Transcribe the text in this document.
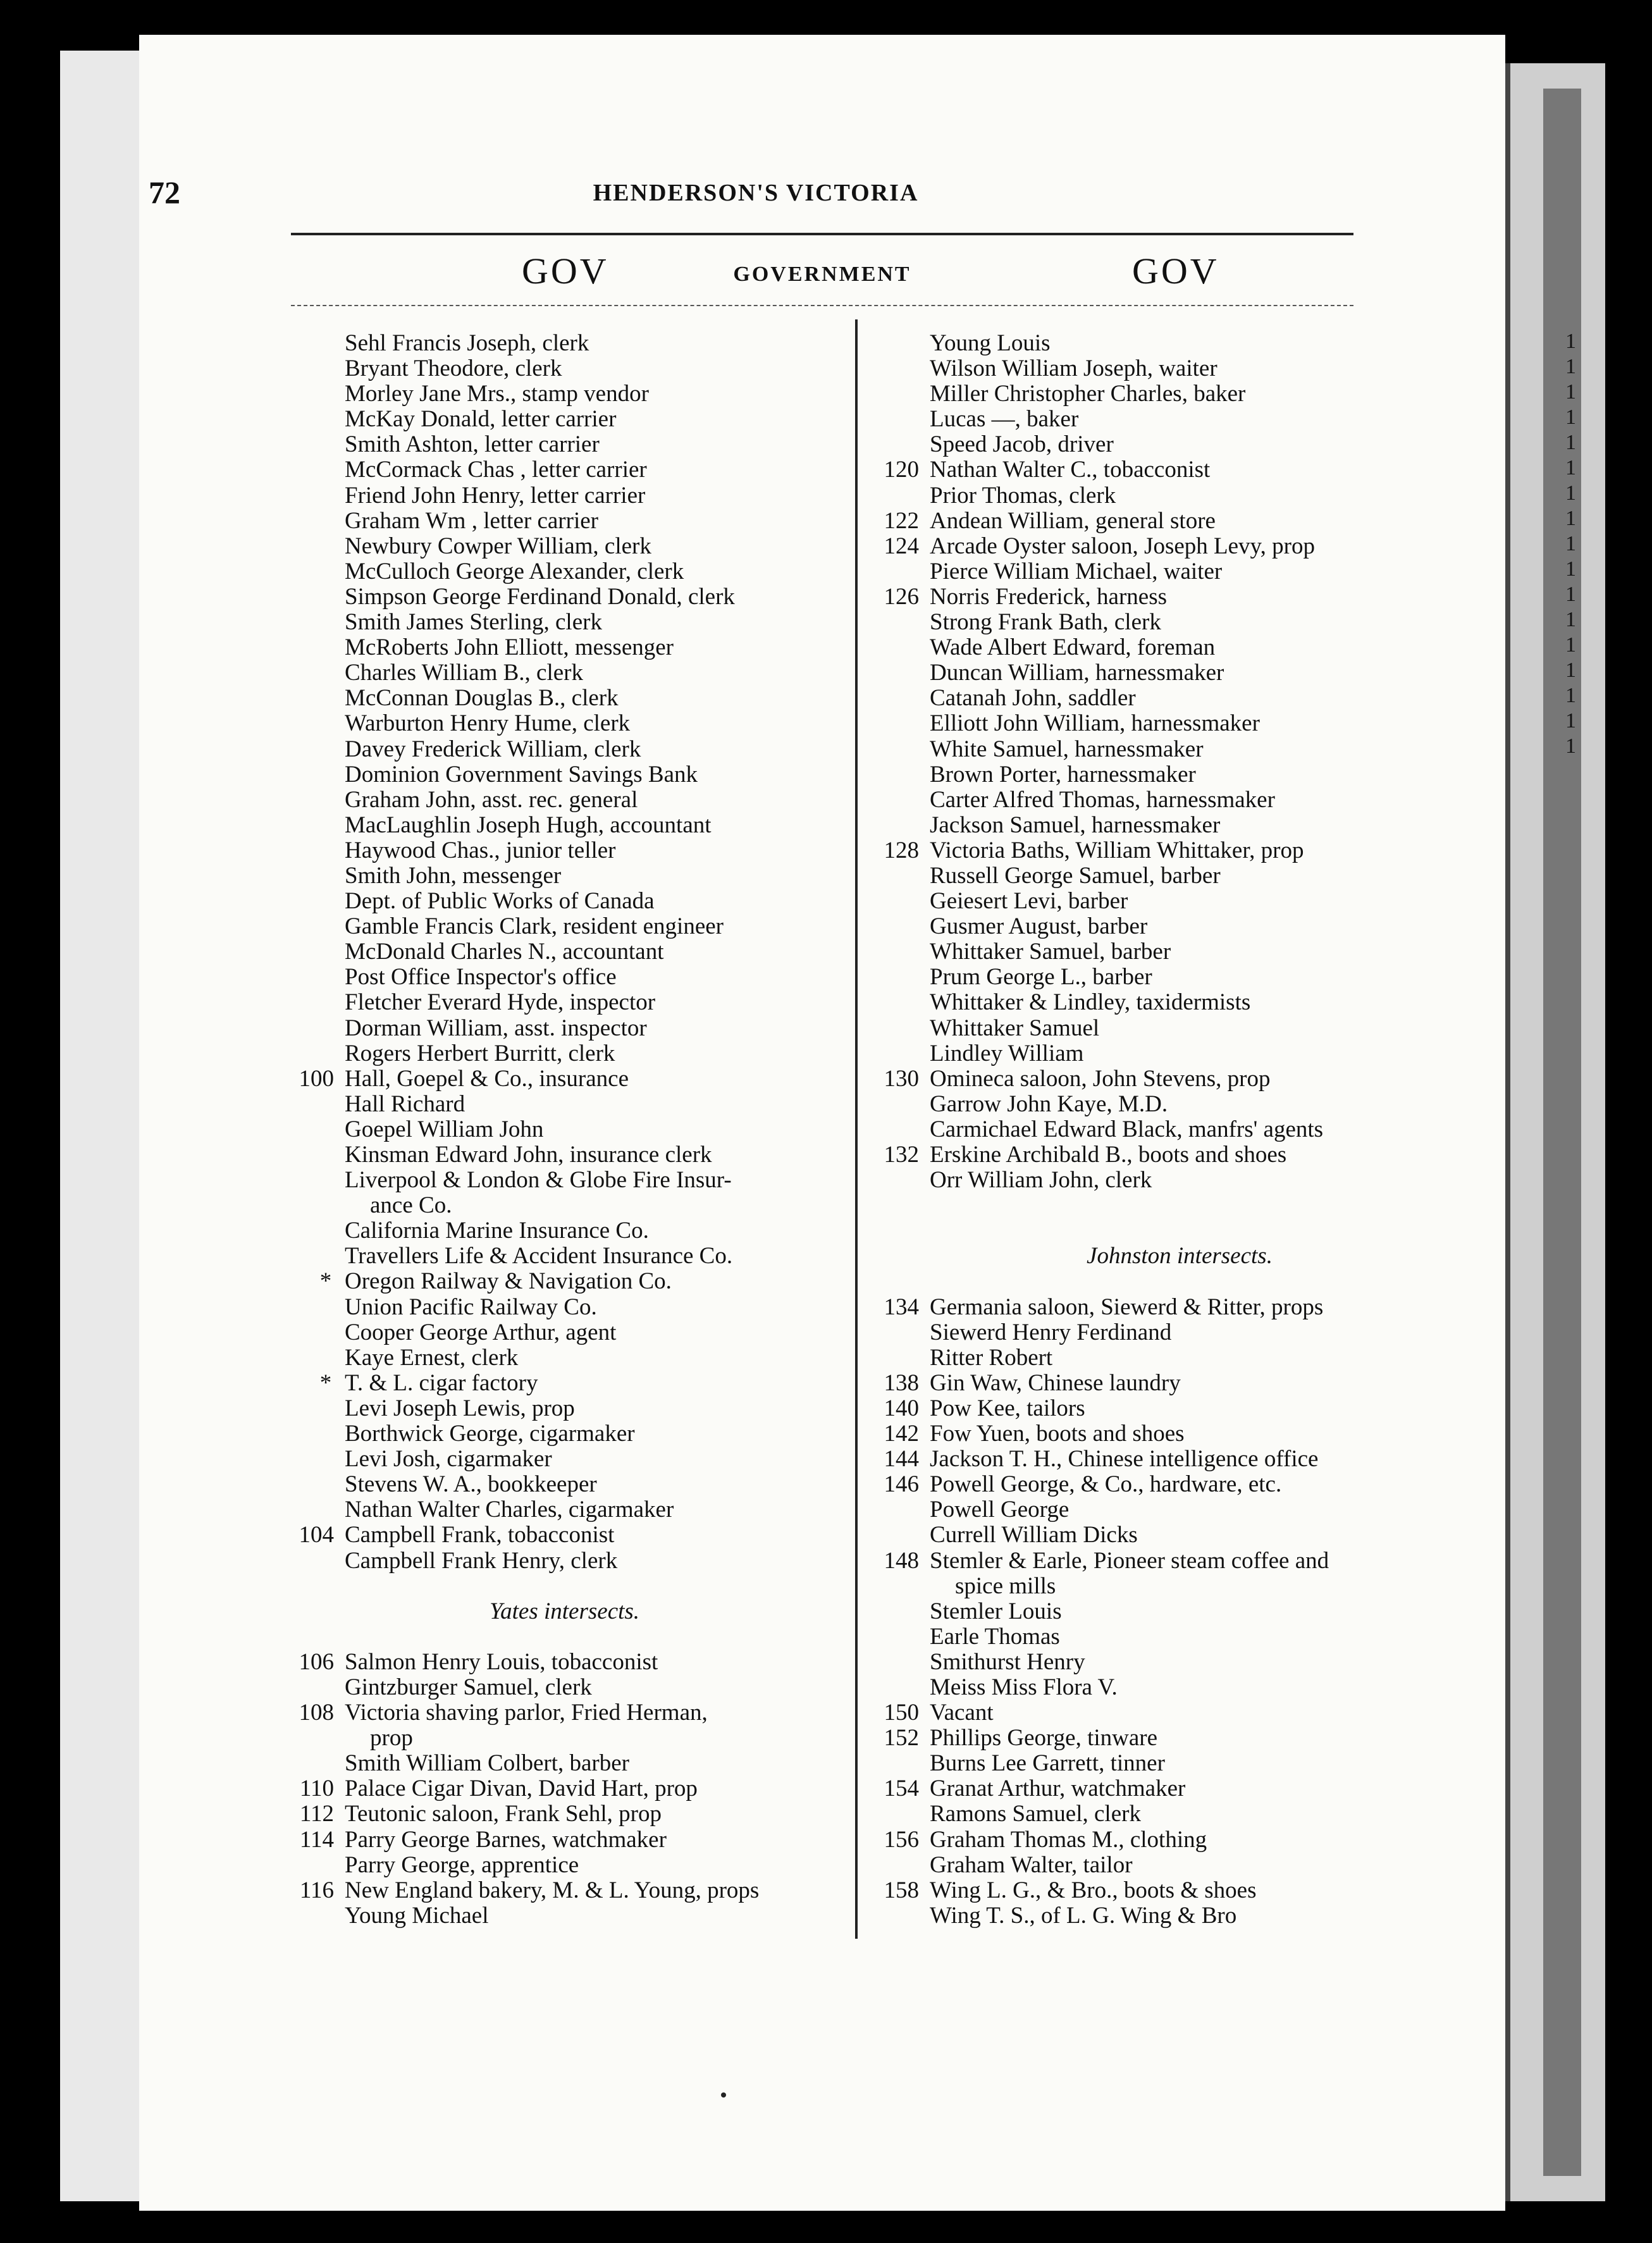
1
1
1
1
1
1
1
1
1
1
1
1
1
1
1
1
1
72	HENDERSON'S VICTORIA
GOV	GOVERNMENT	GOV
Sehl Francis Joseph, clerk
Bryant Theodore, clerk
Morley Jane Mrs., stamp vendor
McKay Donald, letter carrier
Smith Ashton, letter carrier
McCormack Chas , letter carrier
Friend John Henry, letter carrier
Graham Wm , letter carrier
Newbury Cowper William, clerk
McCulloch George Alexander, clerk
Simpson George Ferdinand Donald, clerk
Smith James Sterling, clerk
McRoberts John Elliott, messenger
Charles William B., clerk
McConnan Douglas B., clerk
Warburton Henry Hume, clerk
Davey Frederick William, clerk
Dominion Government Savings Bank
Graham John, asst. rec. general
MacLaughlin Joseph Hugh, accountant
Haywood Chas., junior teller
Smith John, messenger
Dept. of Public Works of Canada
Gamble Francis Clark, resident engineer
McDonald Charles N., accountant
Post Office Inspector's office
Fletcher Everard Hyde, inspector
Dorman William, asst. inspector
Rogers Herbert Burritt, clerk
100 Hall, Goepel & Co., insurance
Hall Richard
Goepel William John
Kinsman Edward John, insurance clerk
Liverpool & London & Globe Fire Insur-
ance Co.
California Marine Insurance Co.
Travellers Life & Accident Insurance Co.
* Oregon Railway & Navigation Co.
Union Pacific Railway Co.
Cooper George Arthur, agent
Kaye Ernest, clerk
* T. & L. cigar factory
Levi Joseph Lewis, prop
Borthwick George, cigarmaker
Levi Josh, cigarmaker
Stevens W. A., bookkeeper
Nathan Walter Charles, cigarmaker
104 Campbell Frank, tobacconist
Campbell Frank Henry, clerk
Yates intersects.
106 Salmon Henry Louis, tobacconist
Gintzburger Samuel, clerk
108 Victoria shaving parlor, Fried Herman,
prop
Smith William Colbert, barber
110 Palace Cigar Divan, David Hart, prop
112 Teutonic saloon, Frank Sehl, prop
114 Parry George Barnes, watchmaker
Parry George, apprentice
116 New England bakery, M. & L. Young, props
Young Michael
Young Louis
Wilson William Joseph, waiter
Miller Christopher Charles, baker
Lucas —, baker
Speed Jacob, driver
120 Nathan Walter C., tobacconist
Prior Thomas, clerk
122 Andean William, general store
124 Arcade Oyster saloon, Joseph Levy, prop
Pierce William Michael, waiter
126 Norris Frederick, harness
Strong Frank Bath, clerk
Wade Albert Edward, foreman
Duncan William, harnessmaker
Catanah John, saddler
Elliott John William, harnessmaker
White Samuel, harnessmaker
Brown Porter, harnessmaker
Carter Alfred Thomas, harnessmaker
Jackson Samuel, harnessmaker
128 Victoria Baths, William Whittaker, prop
Russell George Samuel, barber
Geiesert Levi, barber
Gusmer August, barber
Whittaker Samuel, barber
Prum George L., barber
Whittaker & Lindley, taxidermists
Whittaker Samuel
Lindley William
130 Omineca saloon, John Stevens, prop
Garrow John Kaye, M.D.
Carmichael Edward Black, manfrs' agents
132 Erskine Archibald B., boots and shoes
Orr William John, clerk
Johnston intersects.
134 Germania saloon, Siewerd & Ritter, props
Siewerd Henry Ferdinand
Ritter Robert
138 Gin Waw, Chinese laundry
140 Pow Kee, tailors
142 Fow Yuen, boots and shoes
144 Jackson T. H., Chinese intelligence office
146 Powell George, & Co., hardware, etc.
Powell George
Currell William Dicks
148 Stemler & Earle, Pioneer steam coffee and
spice mills
Stemler Louis
Earle Thomas
Smithurst Henry
Meiss Miss Flora V.
150 Vacant
152 Phillips George, tinware
Burns Lee Garrett, tinner
154 Granat Arthur, watchmaker
Ramons Samuel, clerk
156 Graham Thomas M., clothing
Graham Walter, tailor
158 Wing L. G., & Bro., boots & shoes
Wing T. S., of L. G. Wing & Bro
